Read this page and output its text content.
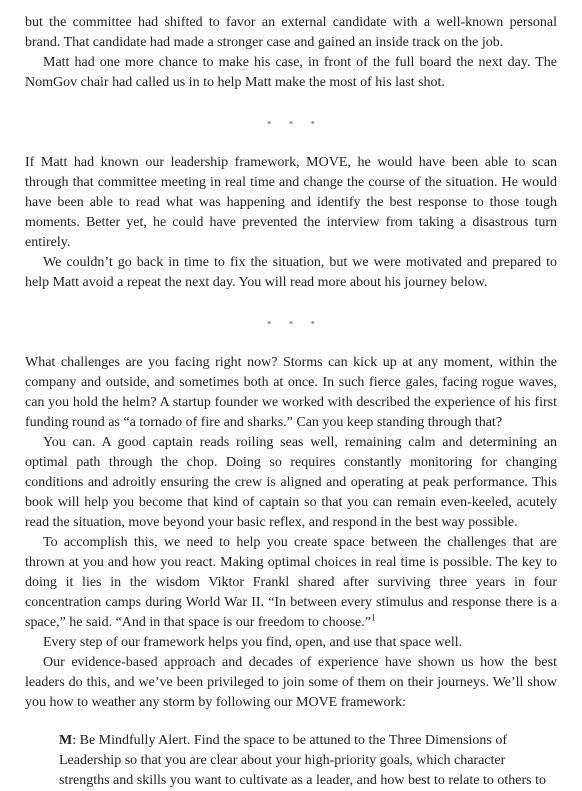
but the committee had shifted to favor an external candidate with a well-known personal brand. That candidate had made a stronger case and gained an inside track on the job.

Matt had one more chance to make his case, in front of the full board the next day. The NomGov chair had called us in to help Matt make the most of his last shot.

• • •

If Matt had known our leadership framework, MOVE, he would have been able to scan through that committee meeting in real time and change the course of the situation. He would have been able to read what was happening and identify the best response to those tough moments. Better yet, he could have prevented the interview from taking a disastrous turn entirely.

We couldn’t go back in time to fix the situation, but we were motivated and prepared to help Matt avoid a repeat the next day. You will read more about his journey below.

• • •

What challenges are you facing right now? Storms can kick up at any moment, within the company and outside, and sometimes both at once. In such fierce gales, facing rogue waves, can you hold the helm? A startup founder we worked with described the experience of his first funding round as “a tornado of fire and sharks.” Can you keep standing through that?

You can. A good captain reads roiling seas well, remaining calm and determining an optimal path through the chop. Doing so requires constantly monitoring for changing conditions and adroitly ensuring the crew is aligned and operating at peak performance. This book will help you become that kind of captain so that you can remain even-keeled, acutely read the situation, move beyond your basic reflex, and respond in the best way possible.

To accomplish this, we need to help you create space between the challenges that are thrown at you and how you react. Making optimal choices in real time is possible. The key to doing it lies in the wisdom Viktor Frankl shared after surviving three years in four concentration camps during World War II. “In between every stimulus and response there is a space,” he said. “And in that space is our freedom to choose.”$^1$

Every step of our framework helps you find, open, and use that space well.

Our evidence-based approach and decades of experience have shown us how the best leaders do this, and we’ve been privileged to join some of them on their journeys. We’ll show you how to weather any storm by following our MOVE framework:

M: Be Mindfully Alert. Find the space to be attuned to the Three Dimensions of Leadership so that you are clear about your high-priority goals, which character strengths and skills you want to cultivate as a leader, and how best to relate to others to
